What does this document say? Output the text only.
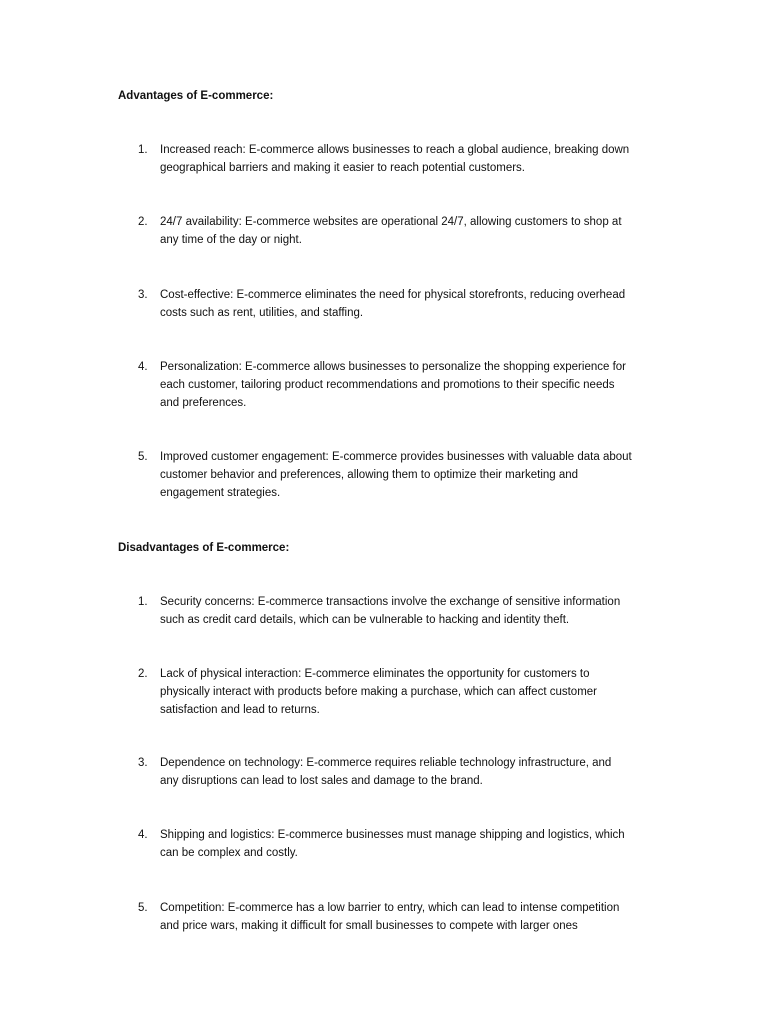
Advantages of E-commerce:
1.	Increased reach: E-commerce allows businesses to reach a global audience, breaking down
geographical barriers and making it easier to reach potential customers.
2.	24/7 availability: E-commerce websites are operational 24/7, allowing customers to shop at
any time of the day or night.
3.	Cost-effective: E-commerce eliminates the need for physical storefronts, reducing overhead
costs such as rent, utilities, and staffing.
4.	Personalization: E-commerce allows businesses to personalize the shopping experience for
each customer, tailoring product recommendations and promotions to their specific needs
and preferences.
5.	Improved customer engagement: E-commerce provides businesses with valuable data about
customer behavior and preferences, allowing them to optimize their marketing and
engagement strategies.
Disadvantages of E-commerce:
1.	Security concerns: E-commerce transactions involve the exchange of sensitive information
such as credit card details, which can be vulnerable to hacking and identity theft.
2.	Lack of physical interaction: E-commerce eliminates the opportunity for customers to
physically interact with products before making a purchase, which can affect customer
satisfaction and lead to returns.
3.	Dependence on technology: E-commerce requires reliable technology infrastructure, and
any disruptions can lead to lost sales and damage to the brand.
4.	Shipping and logistics: E-commerce businesses must manage shipping and logistics, which
can be complex and costly.
5.	Competition: E-commerce has a low barrier to entry, which can lead to intense competition
and price wars, making it difficult for small businesses to compete with larger ones
